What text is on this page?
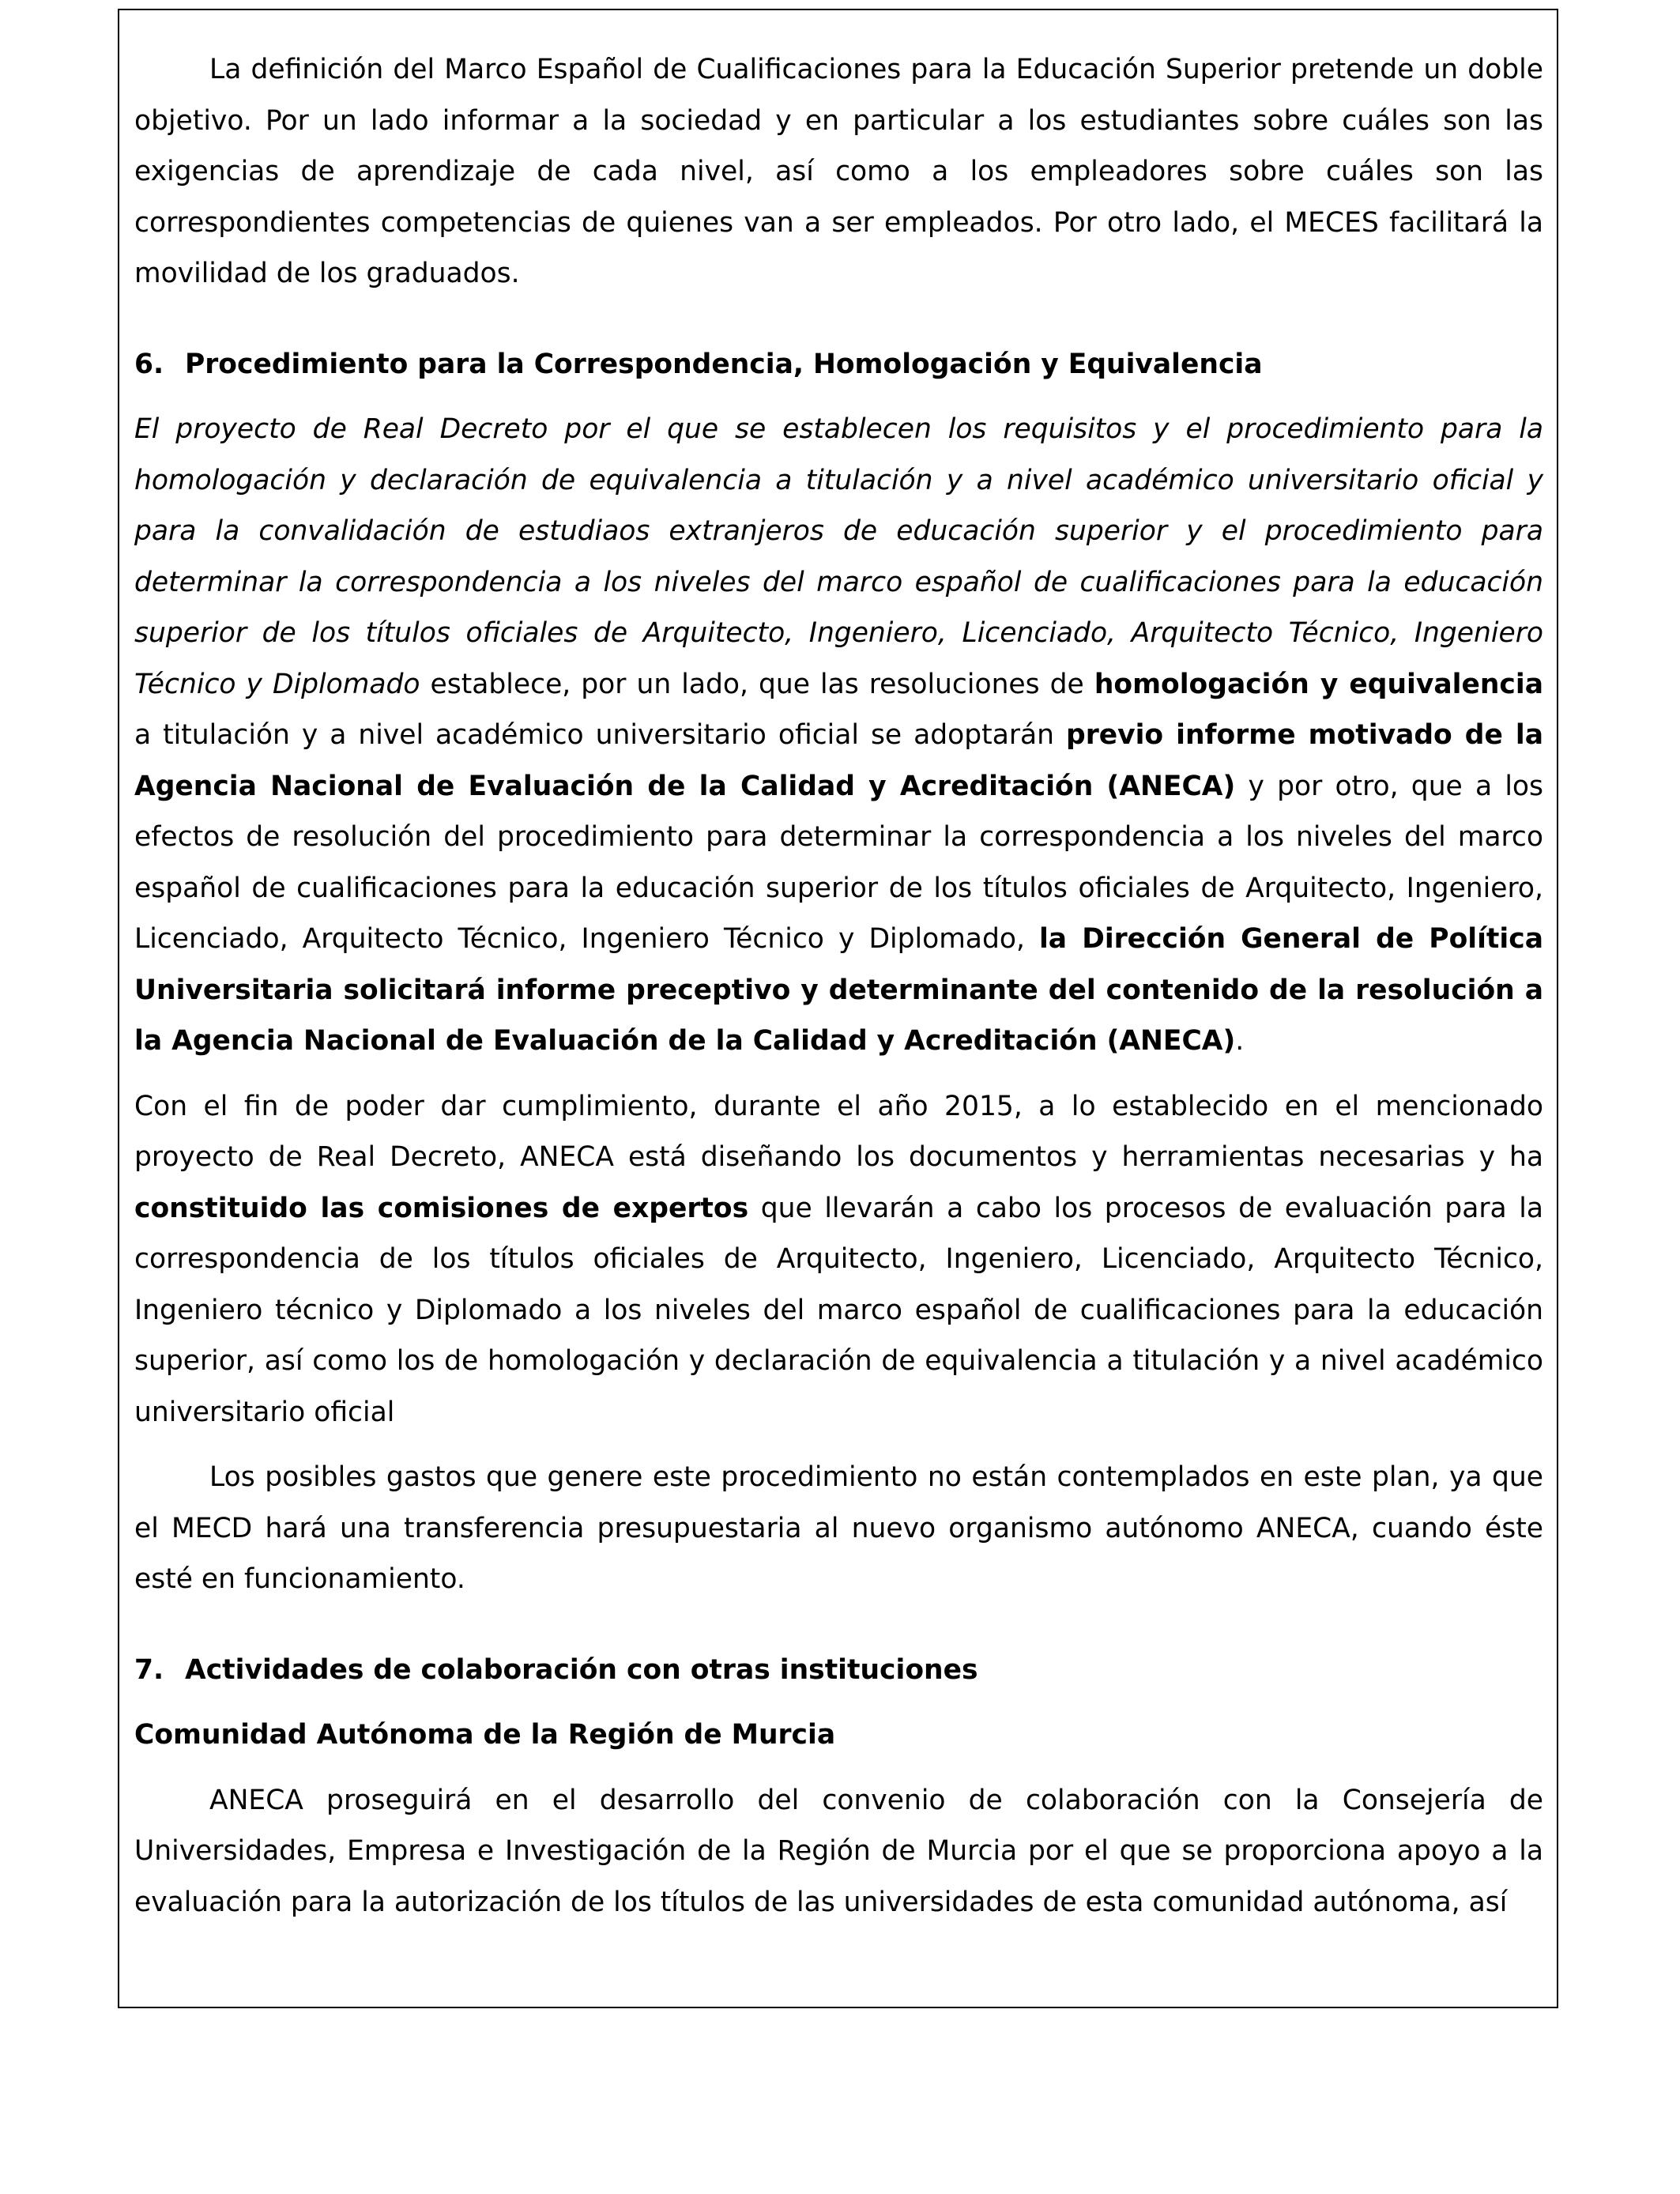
La definición del Marco Español de Cualificaciones para la Educación Superior pretende un doble objetivo. Por un lado informar a la sociedad y en particular a los estudiantes sobre cuáles son las exigencias de aprendizaje de cada nivel, así como a los empleadores sobre cuáles son las correspondientes competencias de quienes van a ser empleados. Por otro lado, el MECES facilitará la movilidad de los graduados.

6. Procedimiento para la Correspondencia, Homologación y Equivalencia

El proyecto de Real Decreto por el que se establecen los requisitos y el procedimiento para la homologación y declaración de equivalencia a titulación y a nivel académico universitario oficial y para la convalidación de estudiaos extranjeros de educación superior y el procedimiento para determinar la correspondencia a los niveles del marco español de cualificaciones para la educación superior de los títulos oficiales de Arquitecto, Ingeniero, Licenciado, Arquitecto Técnico, Ingeniero Técnico y Diplomado establece, por un lado, que las resoluciones de homologación y equivalencia a titulación y a nivel académico universitario oficial se adoptarán previo informe motivado de la Agencia Nacional de Evaluación de la Calidad y Acreditación (ANECA) y por otro, que a los efectos de resolución del procedimiento para determinar la correspondencia a los niveles del marco español de cualificaciones para la educación superior de los títulos oficiales de Arquitecto, Ingeniero, Licenciado, Arquitecto Técnico, Ingeniero Técnico y Diplomado, la Dirección General de Política Universitaria solicitará informe preceptivo y determinante del contenido de la resolución a la Agencia Nacional de Evaluación de la Calidad y Acreditación (ANECA).

Con el fin de poder dar cumplimiento, durante el año 2015, a lo establecido en el mencionado proyecto de Real Decreto, ANECA está diseñando los documentos y herramientas necesarias y ha constituido las comisiones de expertos que llevarán a cabo los procesos de evaluación para la correspondencia de los títulos oficiales de Arquitecto, Ingeniero, Licenciado, Arquitecto Técnico, Ingeniero técnico y Diplomado a los niveles del marco español de cualificaciones para la educación superior, así como los de homologación y declaración de equivalencia a titulación y a nivel académico universitario oficial

Los posibles gastos que genere este procedimiento no están contemplados en este plan, ya que el MECD hará una transferencia presupuestaria al nuevo organismo autónomo ANECA, cuando éste esté en funcionamiento.

7. Actividades de colaboración con otras instituciones
Comunidad Autónoma de la Región de Murcia

ANECA proseguirá en el desarrollo del convenio de colaboración con la Consejería de Universidades, Empresa e Investigación de la Región de Murcia por el que se proporciona apoyo a la evaluación para la autorización de los títulos de las universidades de esta comunidad autónoma, así
